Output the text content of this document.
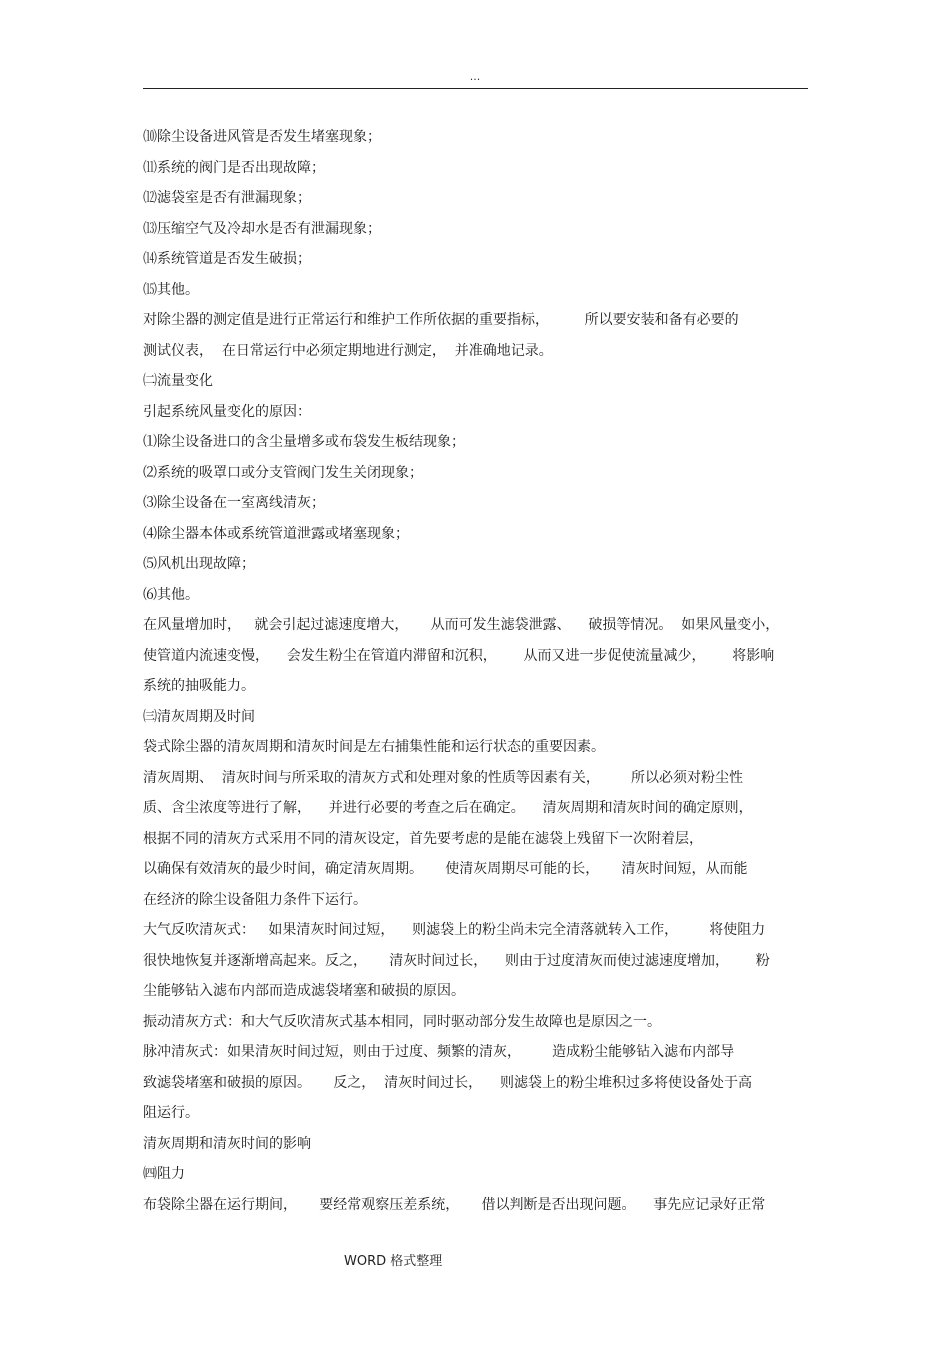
...
⑽除尘设备进风管是否发生堵塞现象；
⑾系统的阀门是否出现故障；
⑿滤袋室是否有泄漏现象；
⒀压缩空气及冷却水是否有泄漏现象；
⒁系统管道是否发生破损；
⒂其他。
对除尘器的测定值是进行正常运行和维护工作所依据的重要指标，        所以要安装和备有必要的
测试仪表，  在日常运行中必须定期地进行测定，  并准确地记录。
㈡流量变化
引起系统风量变化的原因：
⑴除尘设备进口的含尘量增多或布袋发生板结现象；
⑵系统的吸罩口或分支管阀门发生关闭现象；
⑶除尘设备在一室离线清灰；
⑷除尘器本体或系统管道泄露或堵塞现象；
⑸风机出现故障；
⑹其他。
在风量增加时，   就会引起过滤速度增大，     从而可发生滤袋泄露、    破损等情况。  如果风量变小，
使管道内流速变慢，    会发生粉尘在管道内滞留和沉积，      从而又进一步促使流量减少，      将影响
系统的抽吸能力。
㈢清灰周期及时间
袋式除尘器的清灰周期和清灰时间是左右捕集性能和运行状态的重要因素。
清灰周期、  清灰时间与所采取的清灰方式和处理对象的性质等因素有关，       所以必须对粉尘性
质、含尘浓度等进行了解，    并进行必要的考查之后在确定。    清灰周期和清灰时间的确定原则，
根据不同的清灰方式采用不同的清灰设定，首先要考虑的是能在滤袋上残留下一次附着层，
以确保有效清灰的最少时间，确定清灰周期。     使清灰周期尽可能的长，     清灰时间短，从而能
在经济的除尘设备阻力条件下运行。
大气反吹清灰式：   如果清灰时间过短，    则滤袋上的粉尘尚未完全清落就转入工作，       将使阻力
很快地恢复并逐渐增高起来。反之，     清灰时间过长，    则由于过度清灰而使过滤速度增加，      粉
尘能够钻入滤布内部而造成滤袋堵塞和破损的原因。
振动清灰方式：和大气反吹清灰式基本相同，同时驱动部分发生故障也是原因之一。
脉冲清灰式：如果清灰时间过短，则由于过度、频繁的清灰，       造成粉尘能够钻入滤布内部导
致滤袋堵塞和破损的原因。     反之，  清灰时间过长，    则滤袋上的粉尘堆积过多将使设备处于高
阻运行。
清灰周期和清灰时间的影响
㈣阻力
布袋除尘器在运行期间，     要经常观察压差系统，     借以判断是否出现问题。    事先应记录好正常
WORD 格式整理
